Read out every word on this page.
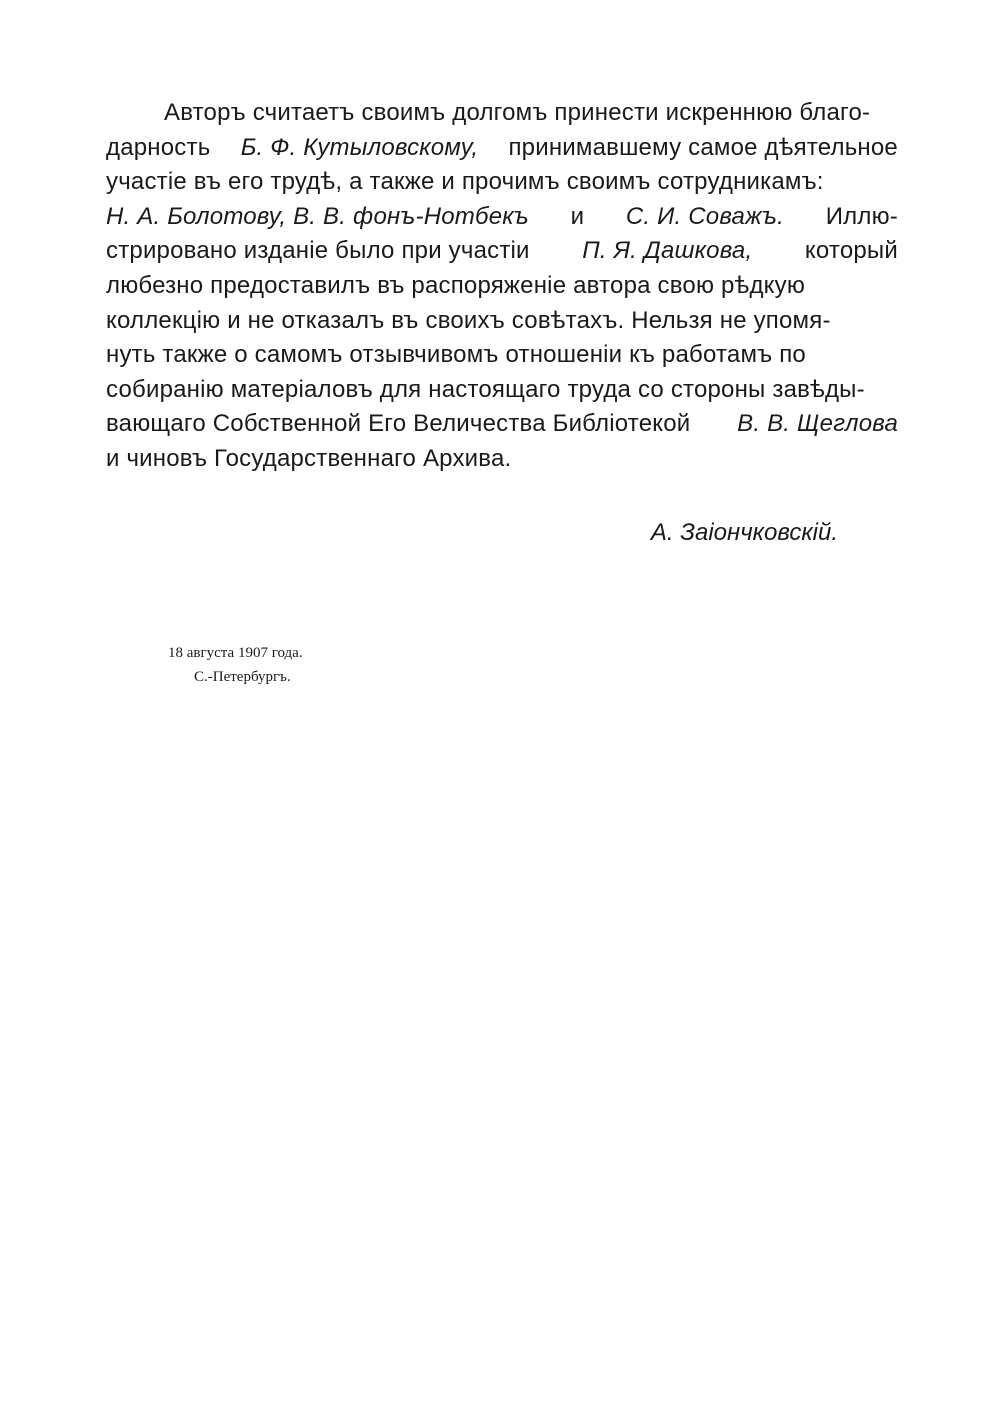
Авторъ считаетъ своимъ долгомъ принести искреннюю благо-
дарность Б. Ф. Кутыловскому, принимавшему самое дѣятельное
участіе въ его трудѣ, а также и прочимъ своимъ сотрудникамъ:
Н. А. Болотову, В. В. фонъ-Нотбекъ и С. И. Соважъ. Иллю-
стрировано изданіе было при участіи П. Я. Дашкова, который
любезно предоставилъ въ распоряженіе автора свою рѣдкую
коллекцію и не отказалъ въ своихъ совѣтахъ. Нельзя не упомя-
нуть также о самомъ отзывчивомъ отношеніи къ работамъ по
собиранію матеріаловъ для настоящаго труда со стороны завѣды-
вающаго Собственной Его Величества Библіотекой В. В. Щеглова
и чиновъ Государственнаго Архива.
А. Заіончковскій.
18 августа 1907 года.
С.-Петербургъ.
